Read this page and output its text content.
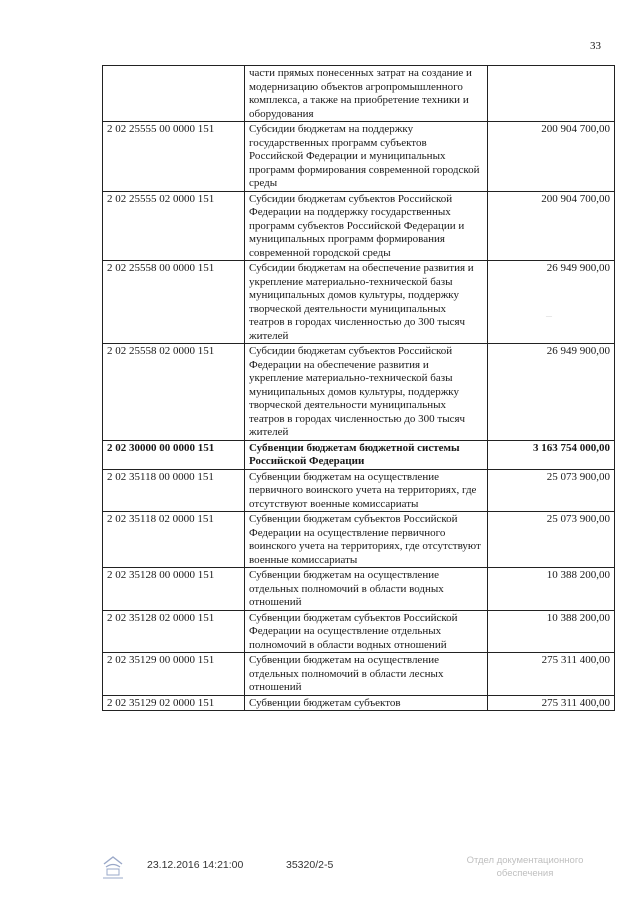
33
	части прямых понесенных затрат на создание и модернизацию объектов агропромышленного комплекса, а также на приобретение техники и оборудования	
2 02 25555 00 0000 151	Субсидии бюджетам на поддержку государственных программ субъектов Российской Федерации и муниципальных программ формирования современной городской среды	200 904 700,00
2 02 25555 02 0000 151	Субсидии бюджетам субъектов Российской Федерации на поддержку государственных программ субъектов Российской Федерации и муниципальных программ формирования современной городской среды	200 904 700,00
2 02 25558 00 0000 151	Субсидии бюджетам на обеспечение развития и укрепление материально-технической базы муниципальных домов культуры, поддержку творческой деятельности муниципальных театров в городах численностью до 300 тысяч жителей	26 949 900,00
2 02 25558 02 0000 151	Субсидии бюджетам субъектов Российской Федерации на обеспечение развития и укрепление материально-технической базы муниципальных домов культуры, поддержку творческой деятельности муниципальных театров в городах численностью до 300 тысяч жителей	26 949 900,00
2 02 30000 00 0000 151	Субвенции бюджетам бюджетной системы Российской Федерации	3 163 754 000,00
2 02 35118 00 0000 151	Субвенции бюджетам на осуществление первичного воинского учета на территориях, где отсутствуют военные комиссариаты	25 073 900,00
2 02 35118 02 0000 151	Субвенции бюджетам субъектов Российской Федерации на осуществление первичного воинского учета на территориях, где отсутствуют военные комиссариаты	25 073 900,00
2 02 35128 00 0000 151	Субвенции бюджетам на осуществление отдельных полномочий в области водных отношений	10 388 200,00
2 02 35128 02 0000 151	Субвенции бюджетам субъектов Российской Федерации на осуществление отдельных полномочий в области водных отношений	10 388 200,00
2 02 35129 00 0000 151	Субвенции бюджетам на осуществление отдельных полномочий в области лесных отношений	275 311 400,00
2 02 35129 02 0000 151	Субвенции бюджетам субъектов	275 311 400,00
—
23.12.2016 14:21:00	35320/2-5	Отдел документационного обеспечения
